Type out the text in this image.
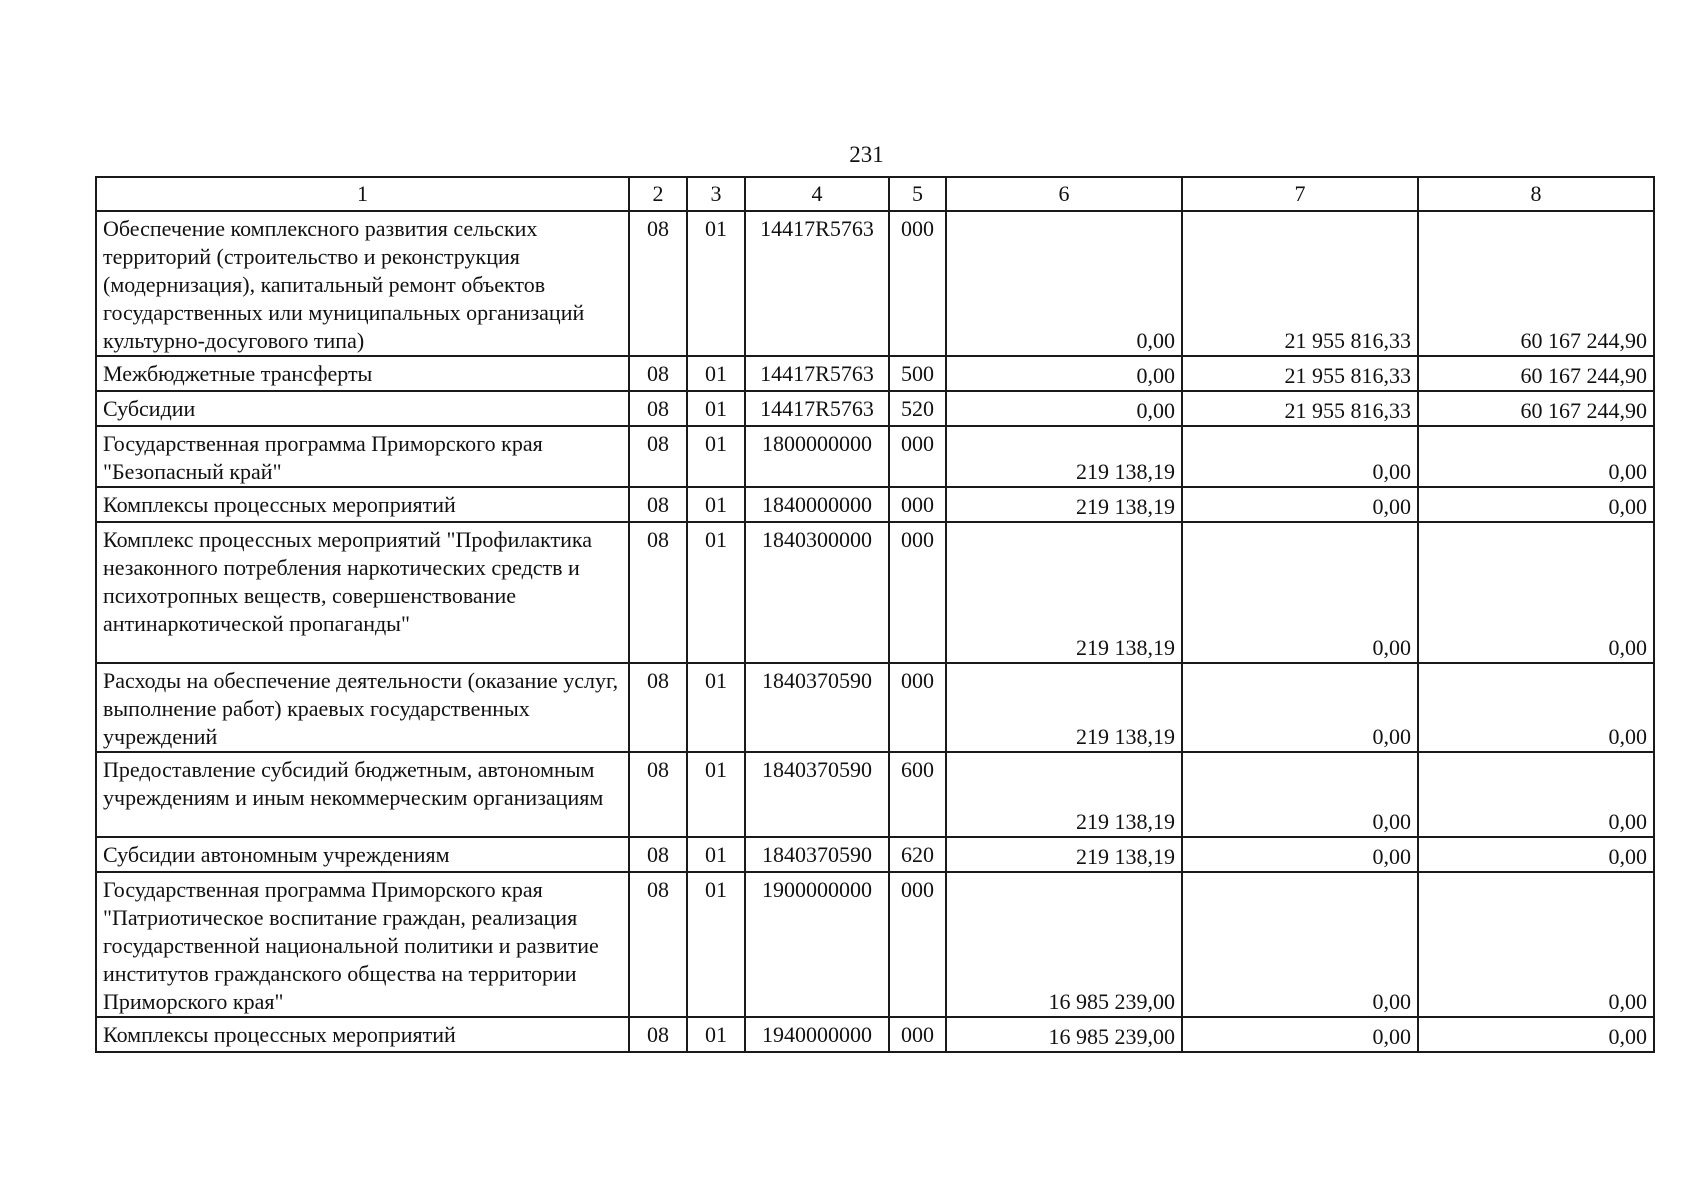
231
1	2	3	4	5	6	7	8

Обеспечение комплексного развития сельских территорий (строительство и реконструкция (модернизация), капитальный ремонт объектов государственных или муниципальных организаций культурно-досугового типа)	08	01	14417R5763	000	0,00	21 955 816,33	60 167 244,90

Межбюджетные трансферты	08	01	14417R5763	500	0,00	21 955 816,33	60 167 244,90

Субсидии	08	01	14417R5763	520	0,00	21 955 816,33	60 167 244,90

Государственная программа Приморского края "Безопасный край"	08	01	1800000000	000	219 138,19	0,00	0,00

Комплексы процессных мероприятий	08	01	1840000000	000	219 138,19	0,00	0,00

Комплекс процессных мероприятий "Профилактика незаконного потребления наркотических средств и психотропных веществ, совершенствование антинаркотической пропаганды"	08	01	1840300000	000	219 138,19	0,00	0,00

Расходы на обеспечение деятельности (оказание услуг, выполнение работ) краевых государственных учреждений	08	01	1840370590	000	219 138,19	0,00	0,00

Предоставление субсидий бюджетным, автономным учреждениям и иным некоммерческим организациям	08	01	1840370590	600	219 138,19	0,00	0,00

Субсидии автономным учреждениям	08	01	1840370590	620	219 138,19	0,00	0,00

Государственная программа Приморского края "Патриотическое воспитание граждан, реализация государственной национальной политики и развитие институтов гражданского общества на территории Приморского края"	08	01	1900000000	000	16 985 239,00	0,00	0,00

Комплексы процессных мероприятий	08	01	1940000000	000	16 985 239,00	0,00	0,00
